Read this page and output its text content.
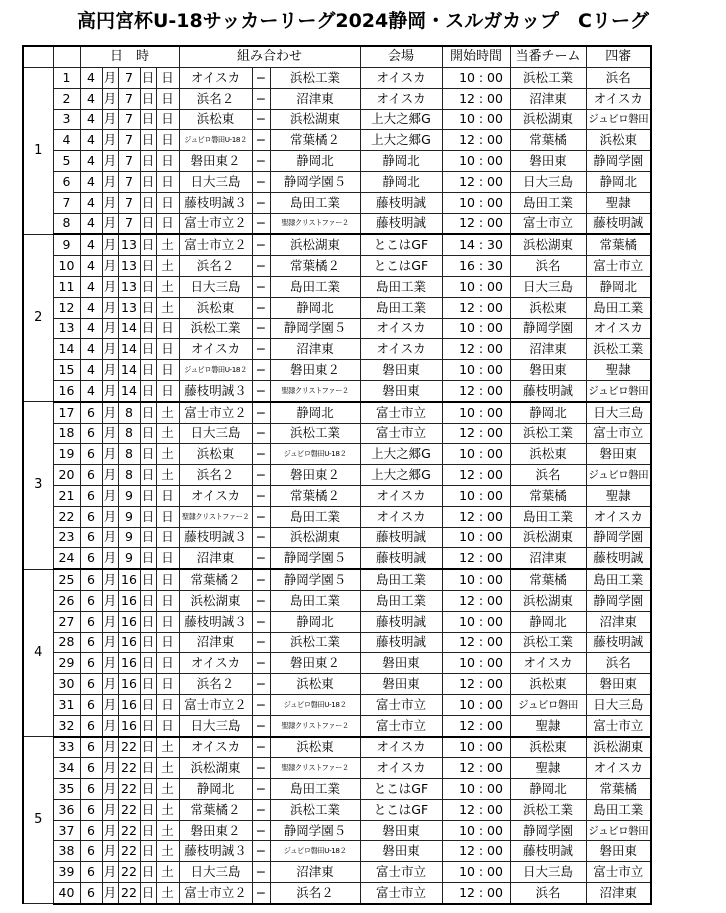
高円宮杯U-18サッカーリーグ2024静岡・スルガカップ　Cリーグ
		日　時					組み合わせ			会場	開始時間			当番チーム	四審
1	1	4	月	7	日	日	オイスカ	−	浜松工業	オイスカ	10	:	00	浜松工業	浜名
	2	4	月	7	日	日	浜名２	−	沼津東	オイスカ	12	:	00	沼津東	オイスカ
	3	4	月	7	日	日	浜松東	−	浜松湖東	上大之郷G	10	:	00	浜松湖東	ジュビロ磐田
	4	4	月	7	日	日	ジュビロ磐田U-18２	−	常葉橘２	上大之郷G	12	:	00	常葉橘	浜松東
	5	4	月	7	日	日	磐田東２	−	静岡北	静岡北	10	:	00	磐田東	静岡学園
	6	4	月	7	日	日	日大三島	−	静岡学園５	静岡北	12	:	00	日大三島	静岡北
	7	4	月	7	日	日	藤枝明誠３	−	島田工業	藤枝明誠	10	:	00	島田工業	聖隷
	8	4	月	7	日	日	富士市立２	−	聖隷クリストファー２	藤枝明誠	12	:	00	富士市立	藤枝明誠
2	9	4	月	13	日	土	富士市立２	−	浜松湖東	とこはGF	14	:	30	浜松湖東	常葉橘
	10	4	月	13	日	土	浜名２	−	常葉橘２	とこはGF	16	:	30	浜名	富士市立
	11	4	月	13	日	土	日大三島	−	島田工業	島田工業	10	:	00	日大三島	静岡北
	12	4	月	13	日	土	浜松東	−	静岡北	島田工業	12	:	00	浜松東	島田工業
	13	4	月	14	日	日	浜松工業	−	静岡学園５	オイスカ	10	:	00	静岡学園	オイスカ
	14	4	月	14	日	日	オイスカ	−	沼津東	オイスカ	12	:	00	沼津東	浜松工業
	15	4	月	14	日	日	ジュビロ磐田U-18２	−	磐田東２	磐田東	10	:	00	磐田東	聖隷
	16	4	月	14	日	日	藤枝明誠３	−	聖隷クリストファー２	磐田東	12	:	00	藤枝明誠	ジュビロ磐田
3	17	6	月	8	日	土	富士市立２	−	静岡北	富士市立	10	:	00	静岡北	日大三島
	18	6	月	8	日	土	日大三島	−	浜松工業	富士市立	12	:	00	浜松工業	富士市立
	19	6	月	8	日	土	浜松東	−	ジュビロ磐田U-18２	上大之郷G	10	:	00	浜松東	磐田東
	20	6	月	8	日	土	浜名２	−	磐田東２	上大之郷G	12	:	00	浜名	ジュビロ磐田
	21	6	月	9	日	日	オイスカ	−	常葉橘２	オイスカ	10	:	00	常葉橘	聖隷
	22	6	月	9	日	日	聖隷クリストファー２	−	島田工業	オイスカ	12	:	00	島田工業	オイスカ
	23	6	月	9	日	日	藤枝明誠３	−	浜松湖東	藤枝明誠	10	:	00	浜松湖東	静岡学園
	24	6	月	9	日	日	沼津東	−	静岡学園５	藤枝明誠	12	:	00	沼津東	藤枝明誠
4	25	6	月	16	日	日	常葉橘２	−	静岡学園５	島田工業	10	:	00	常葉橘	島田工業
	26	6	月	16	日	日	浜松湖東	−	島田工業	島田工業	12	:	00	浜松湖東	静岡学園
	27	6	月	16	日	日	藤枝明誠３	−	静岡北	藤枝明誠	10	:	00	静岡北	沼津東
	28	6	月	16	日	日	沼津東	−	浜松工業	藤枝明誠	12	:	00	浜松工業	藤枝明誠
	29	6	月	16	日	日	オイスカ	−	磐田東２	磐田東	10	:	00	オイスカ	浜名
	30	6	月	16	日	日	浜名２	−	浜松東	磐田東	12	:	00	浜松東	磐田東
	31	6	月	16	日	日	富士市立２	−	ジュビロ磐田U-18２	富士市立	10	:	00	ジュビロ磐田	日大三島
	32	6	月	16	日	日	日大三島	−	聖隷クリストファー２	富士市立	12	:	00	聖隷	富士市立
5	33	6	月	22	日	土	オイスカ	−	浜松東	オイスカ	10	:	00	浜松東	浜松湖東
	34	6	月	22	日	土	浜松湖東	−	聖隷クリストファー２	オイスカ	12	:	00	聖隷	オイスカ
	35	6	月	22	日	土	静岡北	−	島田工業	とこはGF	10	:	00	静岡北	常葉橘
	36	6	月	22	日	土	常葉橘２	−	浜松工業	とこはGF	12	:	00	浜松工業	島田工業
	37	6	月	22	日	土	磐田東２	−	静岡学園５	磐田東	10	:	00	静岡学園	ジュビロ磐田
	38	6	月	22	日	土	藤枝明誠３	−	ジュビロ磐田U-18２	磐田東	12	:	00	藤枝明誠	磐田東
	39	6	月	22	日	土	日大三島	−	沼津東	富士市立	10	:	00	日大三島	富士市立
	40	6	月	22	日	土	富士市立２	−	浜名２	富士市立	12	:	00	浜名	沼津東
